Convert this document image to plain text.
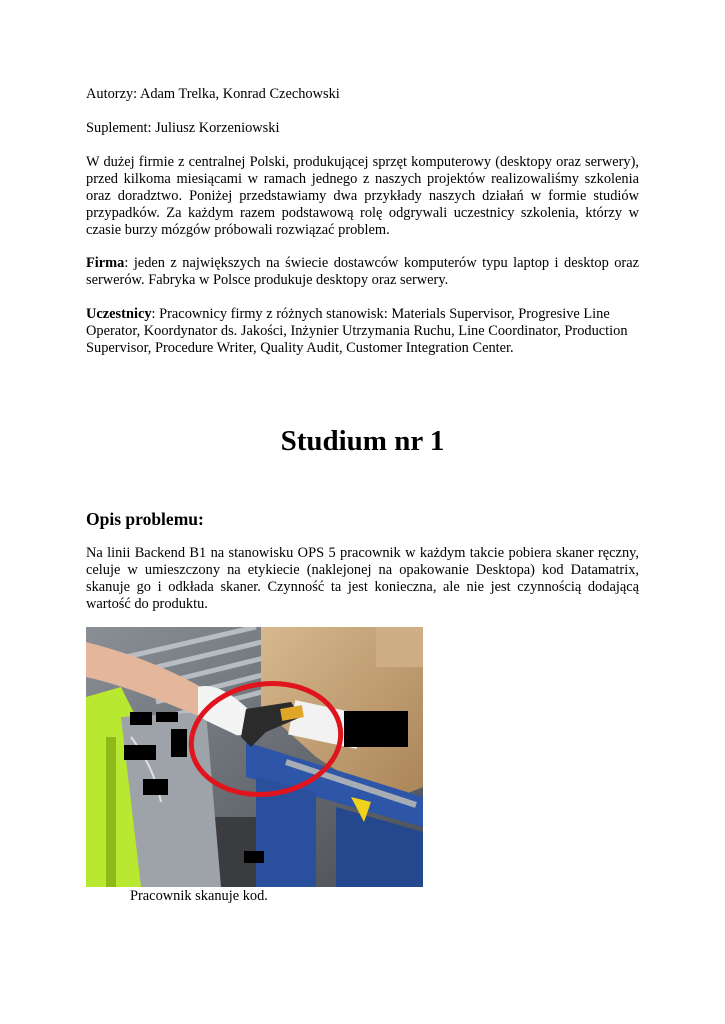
Autorzy: Adam Trelka, Konrad Czechowski

Suplement: Juliusz Korzeniowski

W dużej firmie z centralnej Polski, produkującej sprzęt komputerowy (desktopy oraz serwery), przed kilkoma miesiącami w ramach jednego z naszych projektów realizowaliśmy szkolenia oraz doradztwo. Poniżej przedstawiamy dwa przykłady naszych działań w formie studiów przypadków. Za każdym razem podstawową rolę odgrywali uczestnicy szkolenia, którzy w czasie burzy mózgów próbowali rozwiązać problem.

Firma: jeden z największych na świecie dostawców komputerów typu laptop i desktop oraz serwerów. Fabryka w Polsce produkuje desktopy oraz serwery.

Uczestnicy: Pracownicy firmy z różnych stanowisk: Materials Supervisor, Progresive Line Operator, Koordynator ds. Jakości, Inżynier Utrzymania Ruchu, Line Coordinator, Production Supervisor, Procedure Writer, Quality Audit, Customer Integration Center.

Studium nr 1
Opis problemu:

Na linii Backend B1 na stanowisku OPS 5 pracownik w każdym takcie pobiera skaner ręczny, celuje w umieszczony na etykiecie (naklejonej na opakowanie Desktopa) kod Datamatrix, skanuje go i odkłada skaner. Czynność ta jest konieczna, ale nie jest czynnością dodającą wartość do produktu.

Pracownik skanuje kod.
